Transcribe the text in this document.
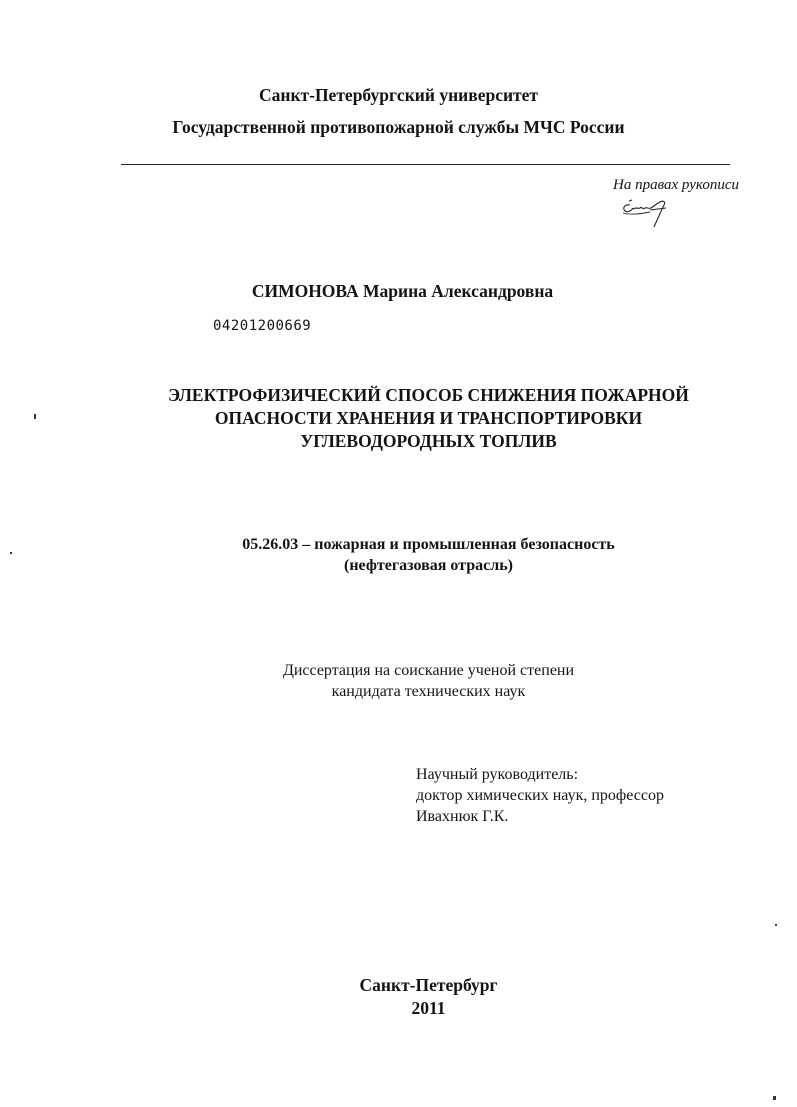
Санкт-Петербургский университет
Государственной противопожарной службы МЧС России
На правах рукописи
СИМОНОВА Марина Александровна
04201200669
ЭЛЕКТРОФИЗИЧЕСКИЙ СПОСОБ СНИЖЕНИЯ ПОЖАРНОЙ
ОПАСНОСТИ ХРАНЕНИЯ И ТРАНСПОРТИРОВКИ
УГЛЕВОДОРОДНЫХ ТОПЛИВ
05.26.03 – пожарная и промышленная безопасность
(нефтегазовая отрасль)
Диссертация на соискание ученой степени
кандидата технических наук
Научный руководитель:
доктор химических наук, профессор
Ивахнюк Г.К.
Санкт-Петербург
2011
